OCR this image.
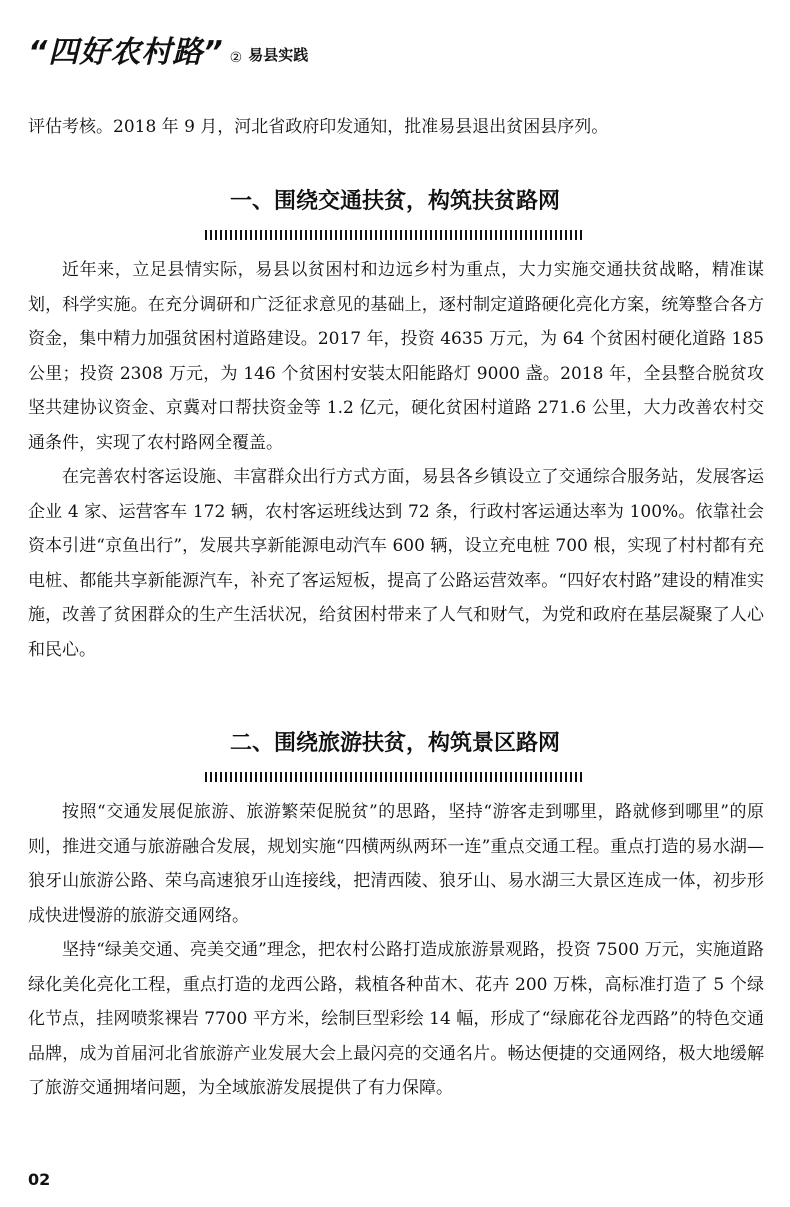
“四好农村路” ② 易县实践

评估考核。2018 年 9 月，河北省政府印发通知，批准易县退出贫困县序列。

一、围绕交通扶贫，构筑扶贫路网

近年来，立足县情实际，易县以贫困村和边远乡村为重点，大力实施交通扶贫战略，精准谋划，科学实施。在充分调研和广泛征求意见的基础上，逐村制定道路硬化亮化方案，统筹整合各方资金，集中精力加强贫困村道路建设。2017 年，投资 4635 万元，为 64 个贫困村硬化道路 185 公里；投资 2308 万元，为 146 个贫困村安装太阳能路灯 9000 盏。2018 年，全县整合脱贫攻坚共建协议资金、京冀对口帮扶资金等 1.2 亿元，硬化贫困村道路 271.6 公里，大力改善农村交通条件，实现了农村路网全覆盖。

在完善农村客运设施、丰富群众出行方式方面，易县各乡镇设立了交通综合服务站，发展客运企业 4 家、运营客车 172 辆，农村客运班线达到 72 条，行政村客运通达率为 100%。依靠社会资本引进“京鱼出行”，发展共享新能源电动汽车 600 辆，设立充电桩 700 根，实现了村村都有充电桩、都能共享新能源汽车，补充了客运短板，提高了公路运营效率。“四好农村路”建设的精准实施，改善了贫困群众的生产生活状况，给贫困村带来了人气和财气，为党和政府在基层凝聚了人心和民心。

二、围绕旅游扶贫，构筑景区路网

按照“交通发展促旅游、旅游繁荣促脱贫”的思路，坚持“游客走到哪里，路就修到哪里”的原则，推进交通与旅游融合发展，规划实施“四横两纵两环一连”重点交通工程。重点打造的易水湖—狼牙山旅游公路、荣乌高速狼牙山连接线，把清西陵、狼牙山、易水湖三大景区连成一体，初步形成快进慢游的旅游交通网络。

坚持“绿美交通、亮美交通”理念，把农村公路打造成旅游景观路，投资 7500 万元，实施道路绿化美化亮化工程，重点打造的龙西公路，栽植各种苗木、花卉 200 万株，高标准打造了 5 个绿化节点，挂网喷浆裸岩 7700 平方米，绘制巨型彩绘 14 幅，形成了“绿廊花谷龙西路”的特色交通品牌，成为首届河北省旅游产业发展大会上最闪亮的交通名片。畅达便捷的交通网络，极大地缓解了旅游交通拥堵问题，为全域旅游发展提供了有力保障。

02
